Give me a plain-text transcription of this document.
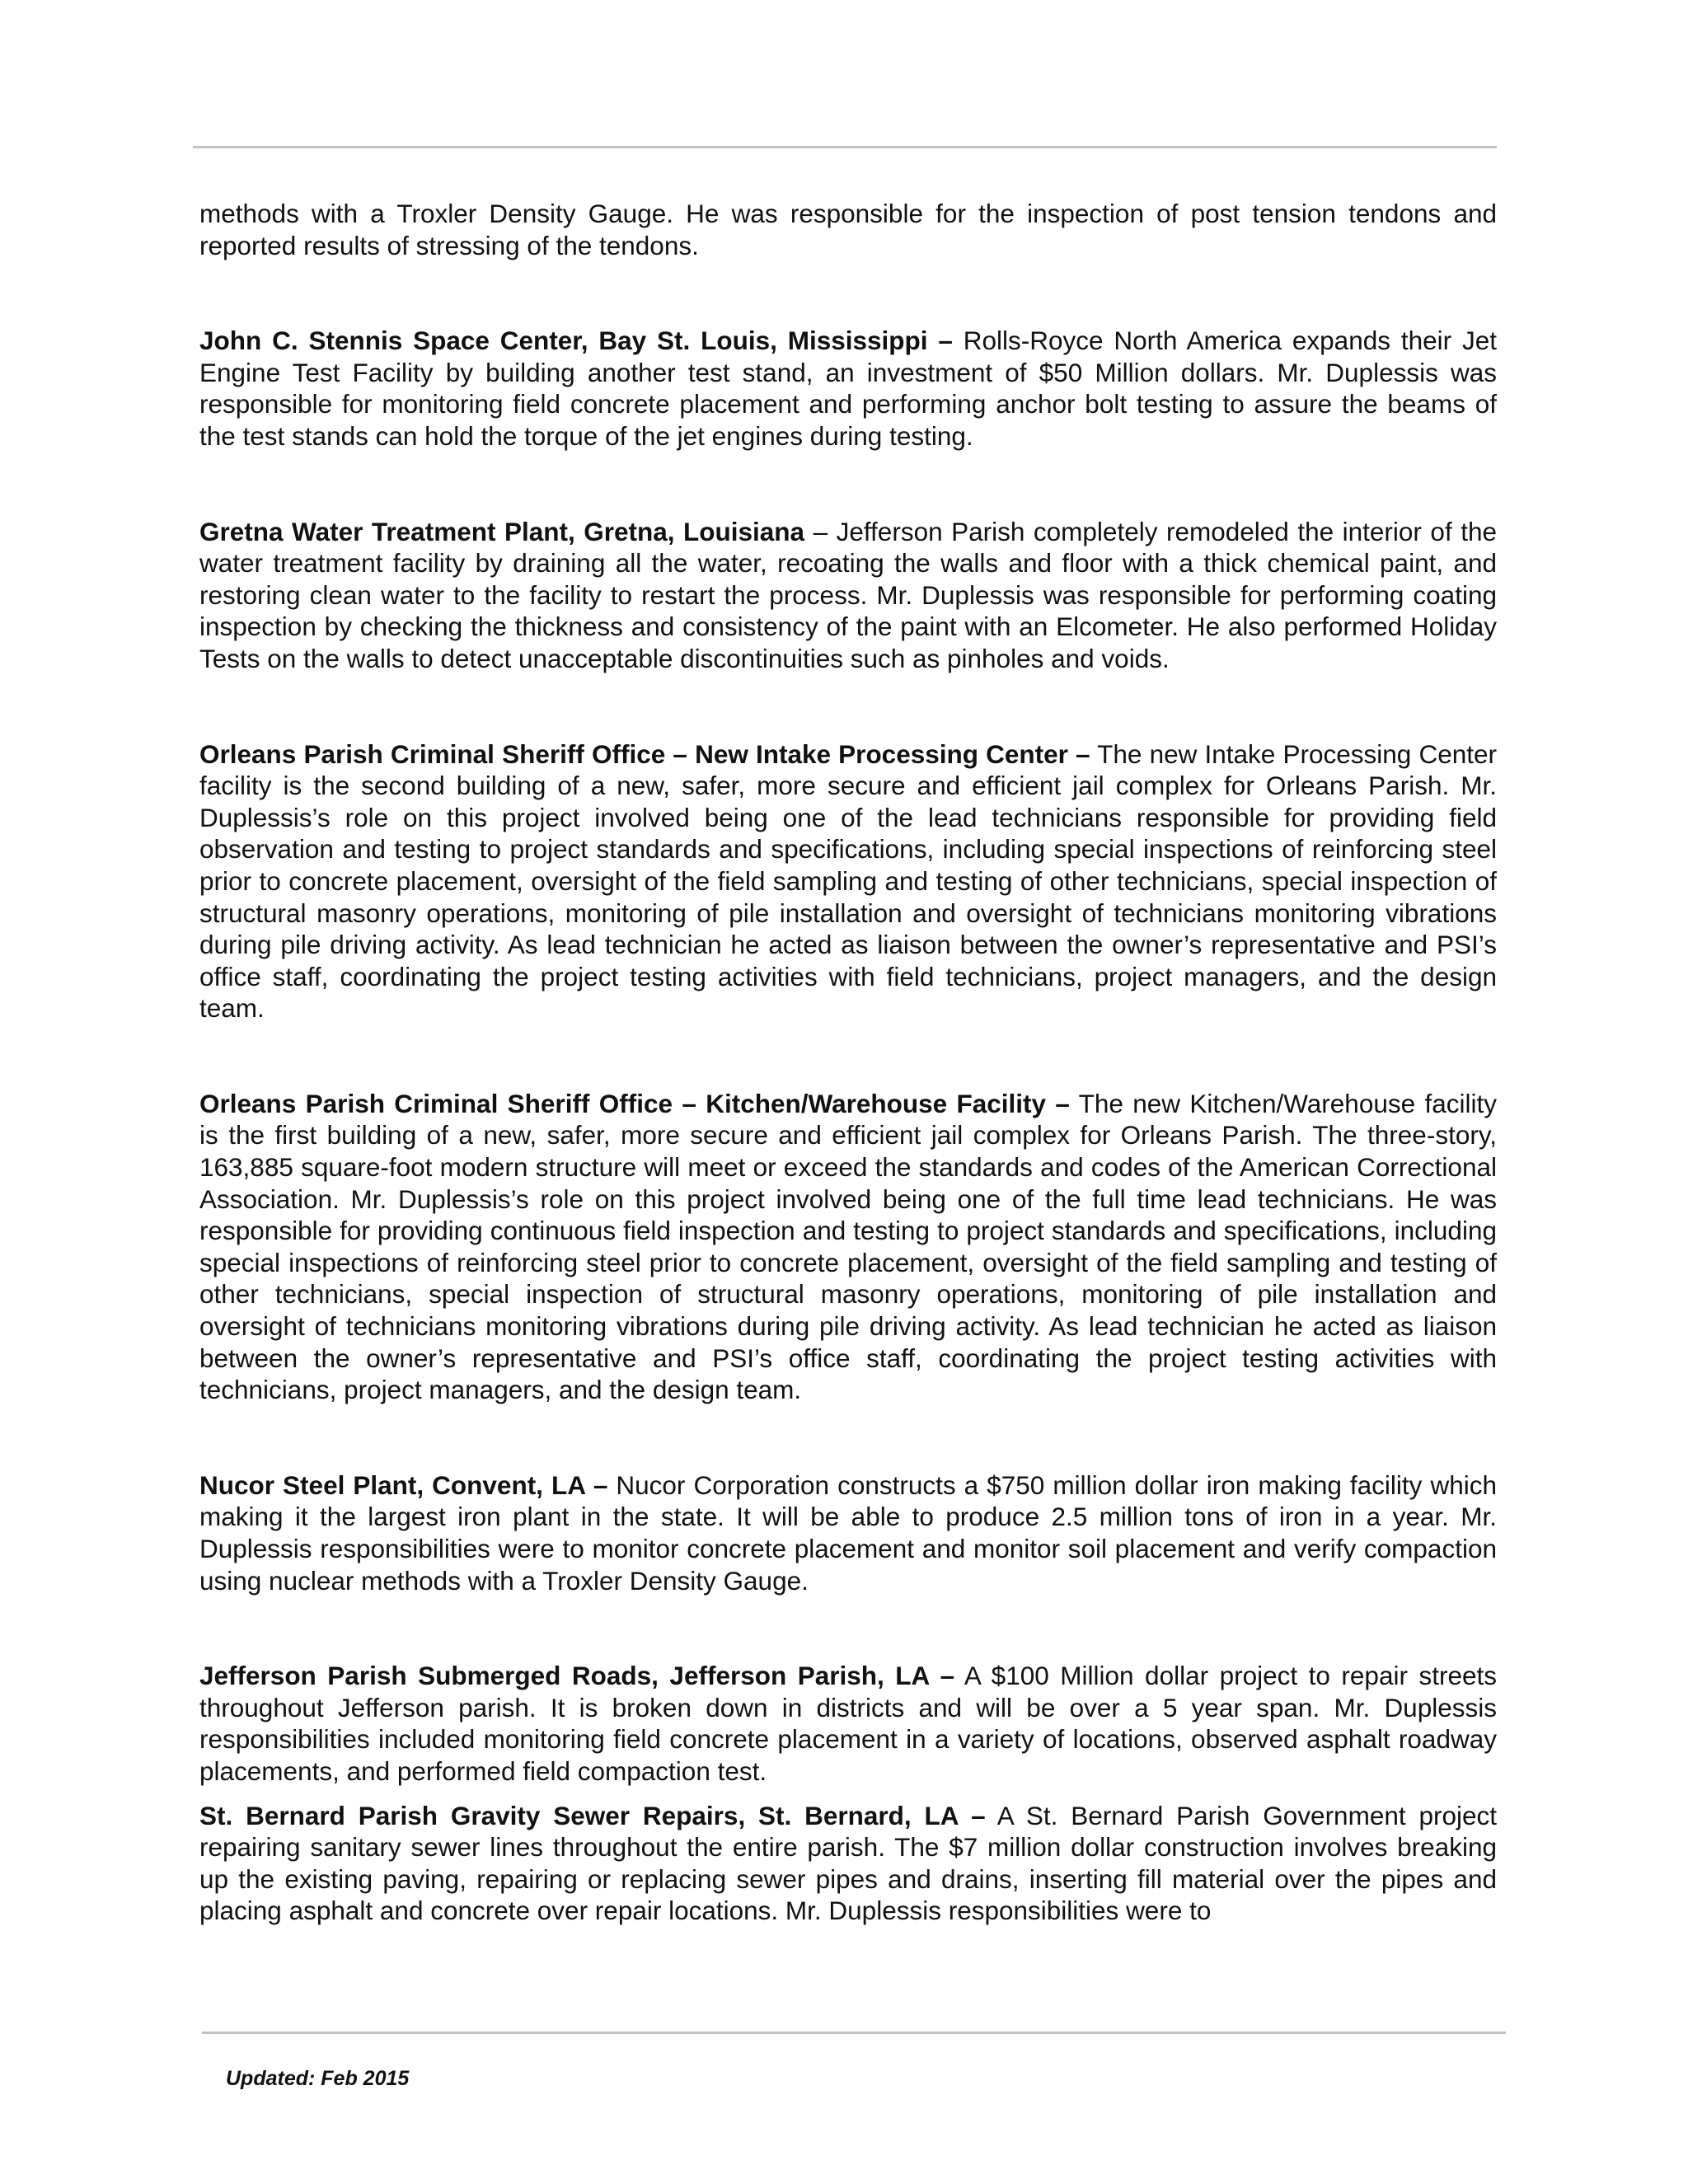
methods with a Troxler Density Gauge. He was responsible for the inspection of post tension tendons and reported results of stressing of the tendons.

John C. Stennis Space Center, Bay St. Louis, Mississippi – Rolls-Royce North America expands their Jet Engine Test Facility by building another test stand, an investment of $50 Million dollars. Mr. Duplessis was responsible for monitoring field concrete placement and performing anchor bolt testing to assure the beams of the test stands can hold the torque of the jet engines during testing.

Gretna Water Treatment Plant, Gretna, Louisiana – Jefferson Parish completely remodeled the interior of the water treatment facility by draining all the water, recoating the walls and floor with a thick chemical paint, and restoring clean water to the facility to restart the process. Mr. Duplessis was responsible for performing coating inspection by checking the thickness and consistency of the paint with an Elcometer. He also performed Holiday Tests on the walls to detect unacceptable discontinuities such as pinholes and voids.

Orleans Parish Criminal Sheriff Office – New Intake Processing Center – The new Intake Processing Center facility is the second building of a new, safer, more secure and efficient jail complex for Orleans Parish. Mr. Duplessis’s role on this project involved being one of the lead technicians responsible for providing field observation and testing to project standards and specifications, including special inspections of reinforcing steel prior to concrete placement, oversight of the field sampling and testing of other technicians, special inspection of structural masonry operations, monitoring of pile installation and oversight of technicians monitoring vibrations during pile driving activity. As lead technician he acted as liaison between the owner’s representative and PSI’s office staff, coordinating the project testing activities with field technicians, project managers, and the design team.

Orleans Parish Criminal Sheriff Office – Kitchen/Warehouse Facility – The new Kitchen/Warehouse facility is the first building of a new, safer, more secure and efficient jail complex for Orleans Parish. The three-story, 163,885 square-foot modern structure will meet or exceed the standards and codes of the American Correctional Association. Mr. Duplessis’s role on this project involved being one of the full time lead technicians. He was responsible for providing continuous field inspection and testing to project standards and specifications, including special inspections of reinforcing steel prior to concrete placement, oversight of the field sampling and testing of other technicians, special inspection of structural masonry operations, monitoring of pile installation and oversight of technicians monitoring vibrations during pile driving activity. As lead technician he acted as liaison between the owner’s representative and PSI’s office staff, coordinating the project testing activities with technicians, project managers, and the design team.

Nucor Steel Plant, Convent, LA – Nucor Corporation constructs a $750 million dollar iron making facility which making it the largest iron plant in the state. It will be able to produce 2.5 million tons of iron in a year. Mr. Duplessis responsibilities were to monitor concrete placement and monitor soil placement and verify compaction using nuclear methods with a Troxler Density Gauge.

Jefferson Parish Submerged Roads, Jefferson Parish, LA – A $100 Million dollar project to repair streets throughout Jefferson parish. It is broken down in districts and will be over a 5 year span. Mr. Duplessis responsibilities included monitoring field concrete placement in a variety of locations, observed asphalt roadway placements, and performed field compaction test.

St. Bernard Parish Gravity Sewer Repairs, St. Bernard, LA – A St. Bernard Parish Government project repairing sanitary sewer lines throughout the entire parish. The $7 million dollar construction involves breaking up the existing paving, repairing or replacing sewer pipes and drains, inserting fill material over the pipes and placing asphalt and concrete over repair locations. Mr. Duplessis responsibilities were to

Updated: Feb 2015
